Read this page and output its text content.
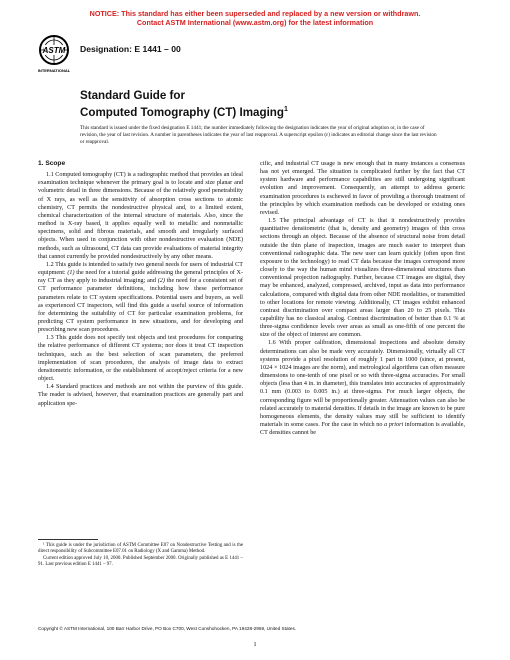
NOTICE: This standard has either been superseded and replaced by a new version or withdrawn.
Contact ASTM International (www.astm.org) for the latest information
ASTM
INTERNATIONAL
Designation: E 1441 – 00
Standard Guide for
Computed Tomography (CT) Imaging$^1$
This standard is issued under the fixed designation E 1441; the number immediately following the designation indicates the year of original adoption or, in the case of revision, the year of last revision. A number in parentheses indicates the year of last reapproval. A superscript epsilon (ε) indicates an editorial change since the last revision or reapproval.

1. Scope

1.1 Computed tomography (CT) is a radiographic method that provides an ideal examination technique whenever the primary goal is to locate and size planar and volumetric detail in three dimensions. Because of the relatively good penetrability of X rays, as well as the sensitivity of absorption cross sections to atomic chemistry, CT permits the nondestructive physical and, to a limited extent, chemical characterization of the internal structure of materials. Also, since the method is X-ray based, it applies equally well to metallic and nonmetallic specimens, solid and fibrous materials, and smooth and irregularly surfaced objects. When used in conjunction with other nondestructive evaluation (NDE) methods, such as ultrasound, CT data can provide evaluations of material integrity that cannot currently be provided nondestructively by any other means.

1.2 This guide is intended to satisfy two general needs for users of industrial CT equipment: (1) the need for a tutorial guide addressing the general principles of X-ray CT as they apply to industrial imaging; and (2) the need for a consistent set of CT performance parameter definitions, including how these performance parameters relate to CT system specifications. Potential users and buyers, as well as experienced CT inspectors, will find this guide a useful source of information for determining the suitability of CT for particular examination problems, for predicting CT system performance in new situations, and for developing and prescribing new scan procedures.

1.3 This guide does not specify test objects and test procedures for comparing the relative performance of different CT systems; nor does it treat CT inspection techniques, such as the best selection of scan parameters, the preferred implementation of scan procedures, the analysis of image data to extract densitometric information, or the establishment of accept/reject criteria for a new object.

1.4 Standard practices and methods are not within the purview of this guide. The reader is advised, however, that examination practices are generally part and application spe-

cific, and industrial CT usage is new enough that in many instances a consensus has not yet emerged. The situation is complicated further by the fact that CT system hardware and performance capabilities are still undergoing significant evolution and improvement. Consequently, an attempt to address generic examination procedures is eschewed in favor of providing a thorough treatment of the principles by which examination methods can be developed or existing ones revised.

1.5 The principal advantage of CT is that it nondestructively provides quantitative densitometric (that is, density and geometry) images of thin cross sections through an object. Because of the absence of structural noise from detail outside the thin plane of inspection, images are much easier to interpret than conventional radiographic data. The new user can learn quickly (often upon first exposure to the technology) to read CT data because the images correspond more closely to the way the human mind visualizes three-dimensional structures than conventional projection radiography. Further, because CT images are digital, they may be enhanced, analyzed, compressed, archived, input as data into performance calculations, compared with digital data from other NDE modalities, or transmitted to other locations for remote viewing. Additionally, CT images exhibit enhanced contrast discrimination over compact areas larger than 20 to 25 pixels. This capability has no classical analog. Contrast discrimination of better than 0.1 % at three-sigma confidence levels over areas as small as one-fifth of one percent the size of the object of interest are common.

1.6 With proper calibration, dimensional inspections and absolute density determinations can also be made very accurately. Dimensionally, virtually all CT systems provide a pixel resolution of roughly 1 part in 1000 (since, at present, 1024 × 1024 images are the norm), and metrological algorithms can often measure dimensions to one-tenth of one pixel or so with three-sigma accuracies. For small objects (less than 4 in. in diameter), this translates into accuracies of approximately 0.1 mm (0.003 to 0.005 in.) at three-sigma. For much larger objects, the corresponding figure will be proportionally greater. Attenuation values can also be related accurately to material densities. If details in the image are known to be pure homogeneous elements, the density values may still be sufficient to identify materials in some cases. For the case in which no a priori information is available, CT densities cannot be

¹ This guide is under the jurisdiction of ASTM Committee E07 on Nondestructive Testing and is the direct responsibility of Subcommittee E07.01 on Radiology (X and Gamma) Method.

Current edition approved July 10, 2000. Published September 2000. Originally published as E 1441 – 91. Last previous edition E 1441 – 97.

Copyright © ASTM International, 100 Barr Harbor Drive, PO Box C700, West Conshohocken, PA 19428-2959, United States.
1
